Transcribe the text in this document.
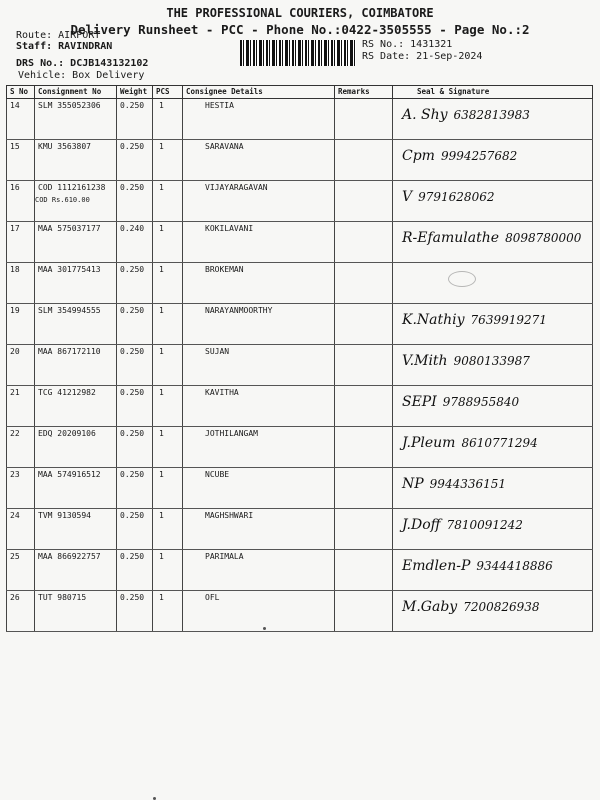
THE PROFESSIONAL COURIERS, COIMBATORE
Delivery Runsheet - PCC - Phone No.:0422-3505555 - Page No.:2
Route: AIRPORT
Staff: RAVINDRAN
DRS No.: DCJB143132102
Vehicle: Box Delivery
RS No.: 1431321
RS Date: 21-Sep-2024
S No	Consignment No	Weight	PCS	Consignee Details	Remarks	Seal & Signature
14	SLM 355052306	0.250	1	HESTIA		A. Shy 6382813983
15	KMU 3563807	0.250	1	SARAVANA		Cpm 9994257682
16	COD 1112161238
COD Rs.610.00	0.250	1	VIJAYARAGAVAN		V 9791628062
17	MAA 575037177	0.240	1	KOKILAVANI		R-Efamulathe 8098780000
18	MAA 301775413	0.250	1	BROKEMAN		

19	SLM 354994555	0.250	1	NARAYANMOORTHY		K.Nathiy 7639919271
20	MAA 867172110	0.250	1	SUJAN		V.Mith 9080133987
21	TCG 41212982	0.250	1	KAVITHA		SEPI 9788955840
22	EDQ 20209106	0.250	1	JOTHILANGAM		J.Pleum 8610771294
23	MAA 574916512	0.250	1	NCUBE		NP 9944336151
24	TVM 9130594	0.250	1	MAGHSHWARI		J.Doff 7810091242
25	MAA 866922757	0.250	1	PARIMALA		Emdlen-P 9344418886
26	TUT 980715	0.250	1	OFL		M.Gaby 7200826938
